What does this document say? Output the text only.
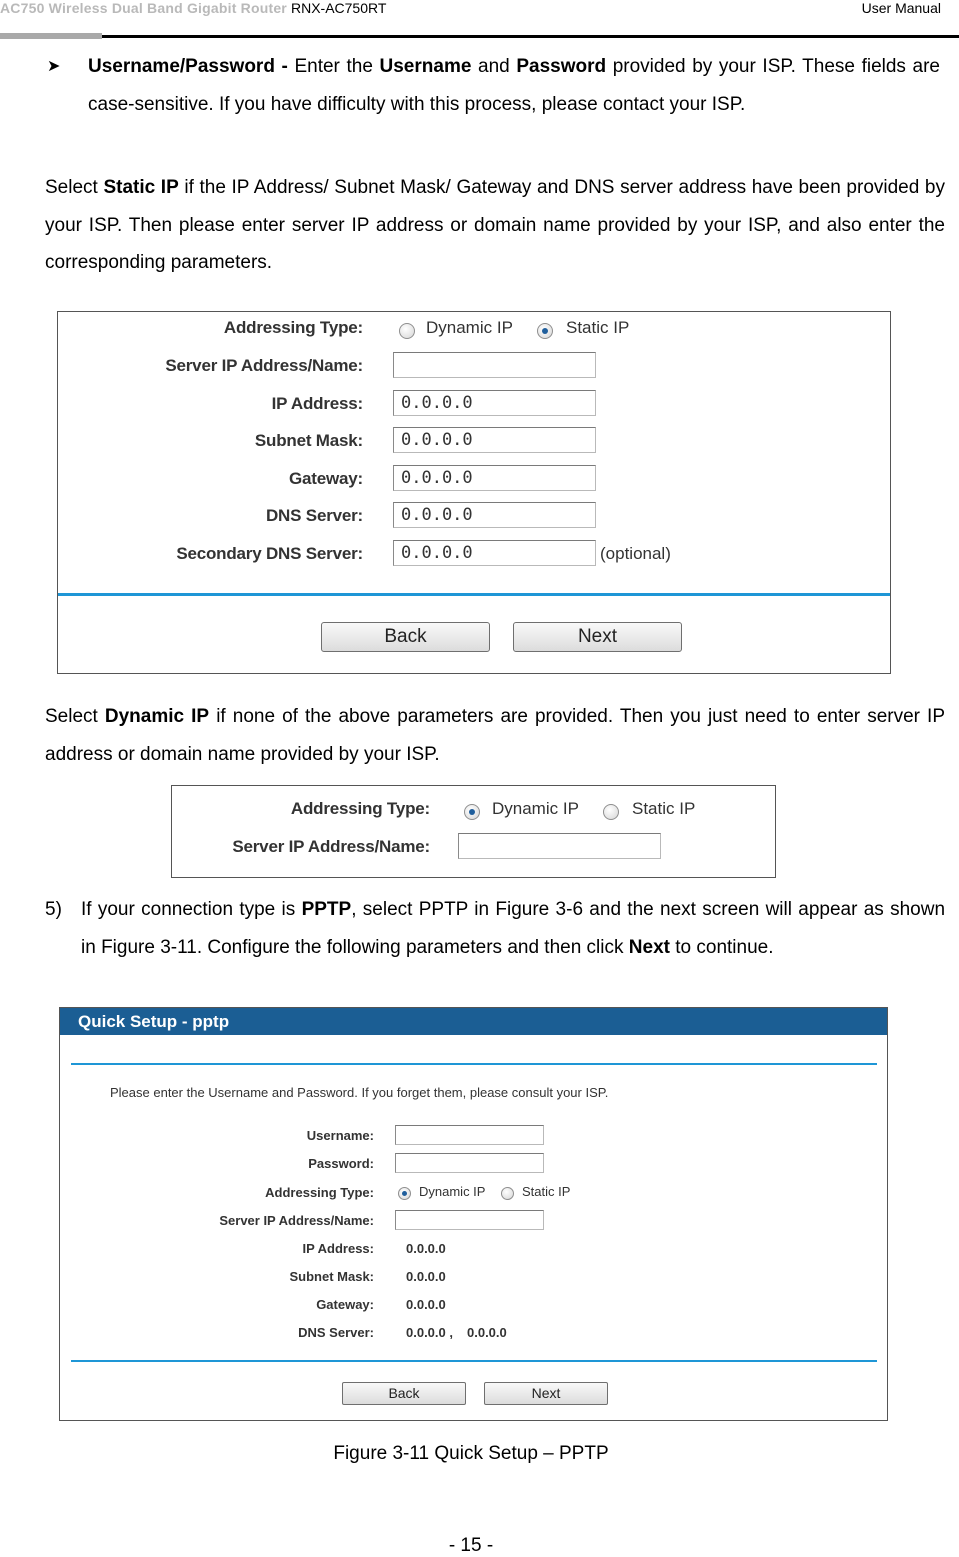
AC750 Wireless Dual Band Gigabit Router RNX-AC750RT	User Manual
➤ Username/Password - Enter the Username and Password provided by your ISP. These fields are case-sensitive. If you have difficulty with this process, please contact your ISP.
Select Static IP if the IP Address/ Subnet Mask/ Gateway and DNS server address have been provided by your ISP. Then please enter server IP address or domain name provided by your ISP, and also enter the corresponding parameters.
Addressing Type:	Dynamic IP	Static IP
Server IP Address/Name:
IP Address:	0.0.0.0
Subnet Mask:	0.0.0.0
Gateway:	0.0.0.0
DNS Server:	0.0.0.0
Secondary DNS Server:	0.0.0.0	(optional)
Back	Next
Select Dynamic IP if none of the above parameters are provided. Then you just need to enter server IP address or domain name provided by your ISP.
Addressing Type:	Dynamic IP	Static IP
Server IP Address/Name:
5) If your connection type is PPTP, select PPTP in Figure 3-6 and the next screen will appear as shown in Figure 3-11. Configure the following parameters and then click Next to continue.
Quick Setup - pptp
Please enter the Username and Password. If you forget them, please consult your ISP.
Username:
Password:
Addressing Type:	Dynamic IP	Static IP
Server IP Address/Name:
IP Address: 0.0.0.0
Subnet Mask: 0.0.0.0
Gateway: 0.0.0.0
DNS Server: 0.0.0.0 , 0.0.0.0
Back	Next
Figure 3-11 Quick Setup – PPTP
- 15 -
